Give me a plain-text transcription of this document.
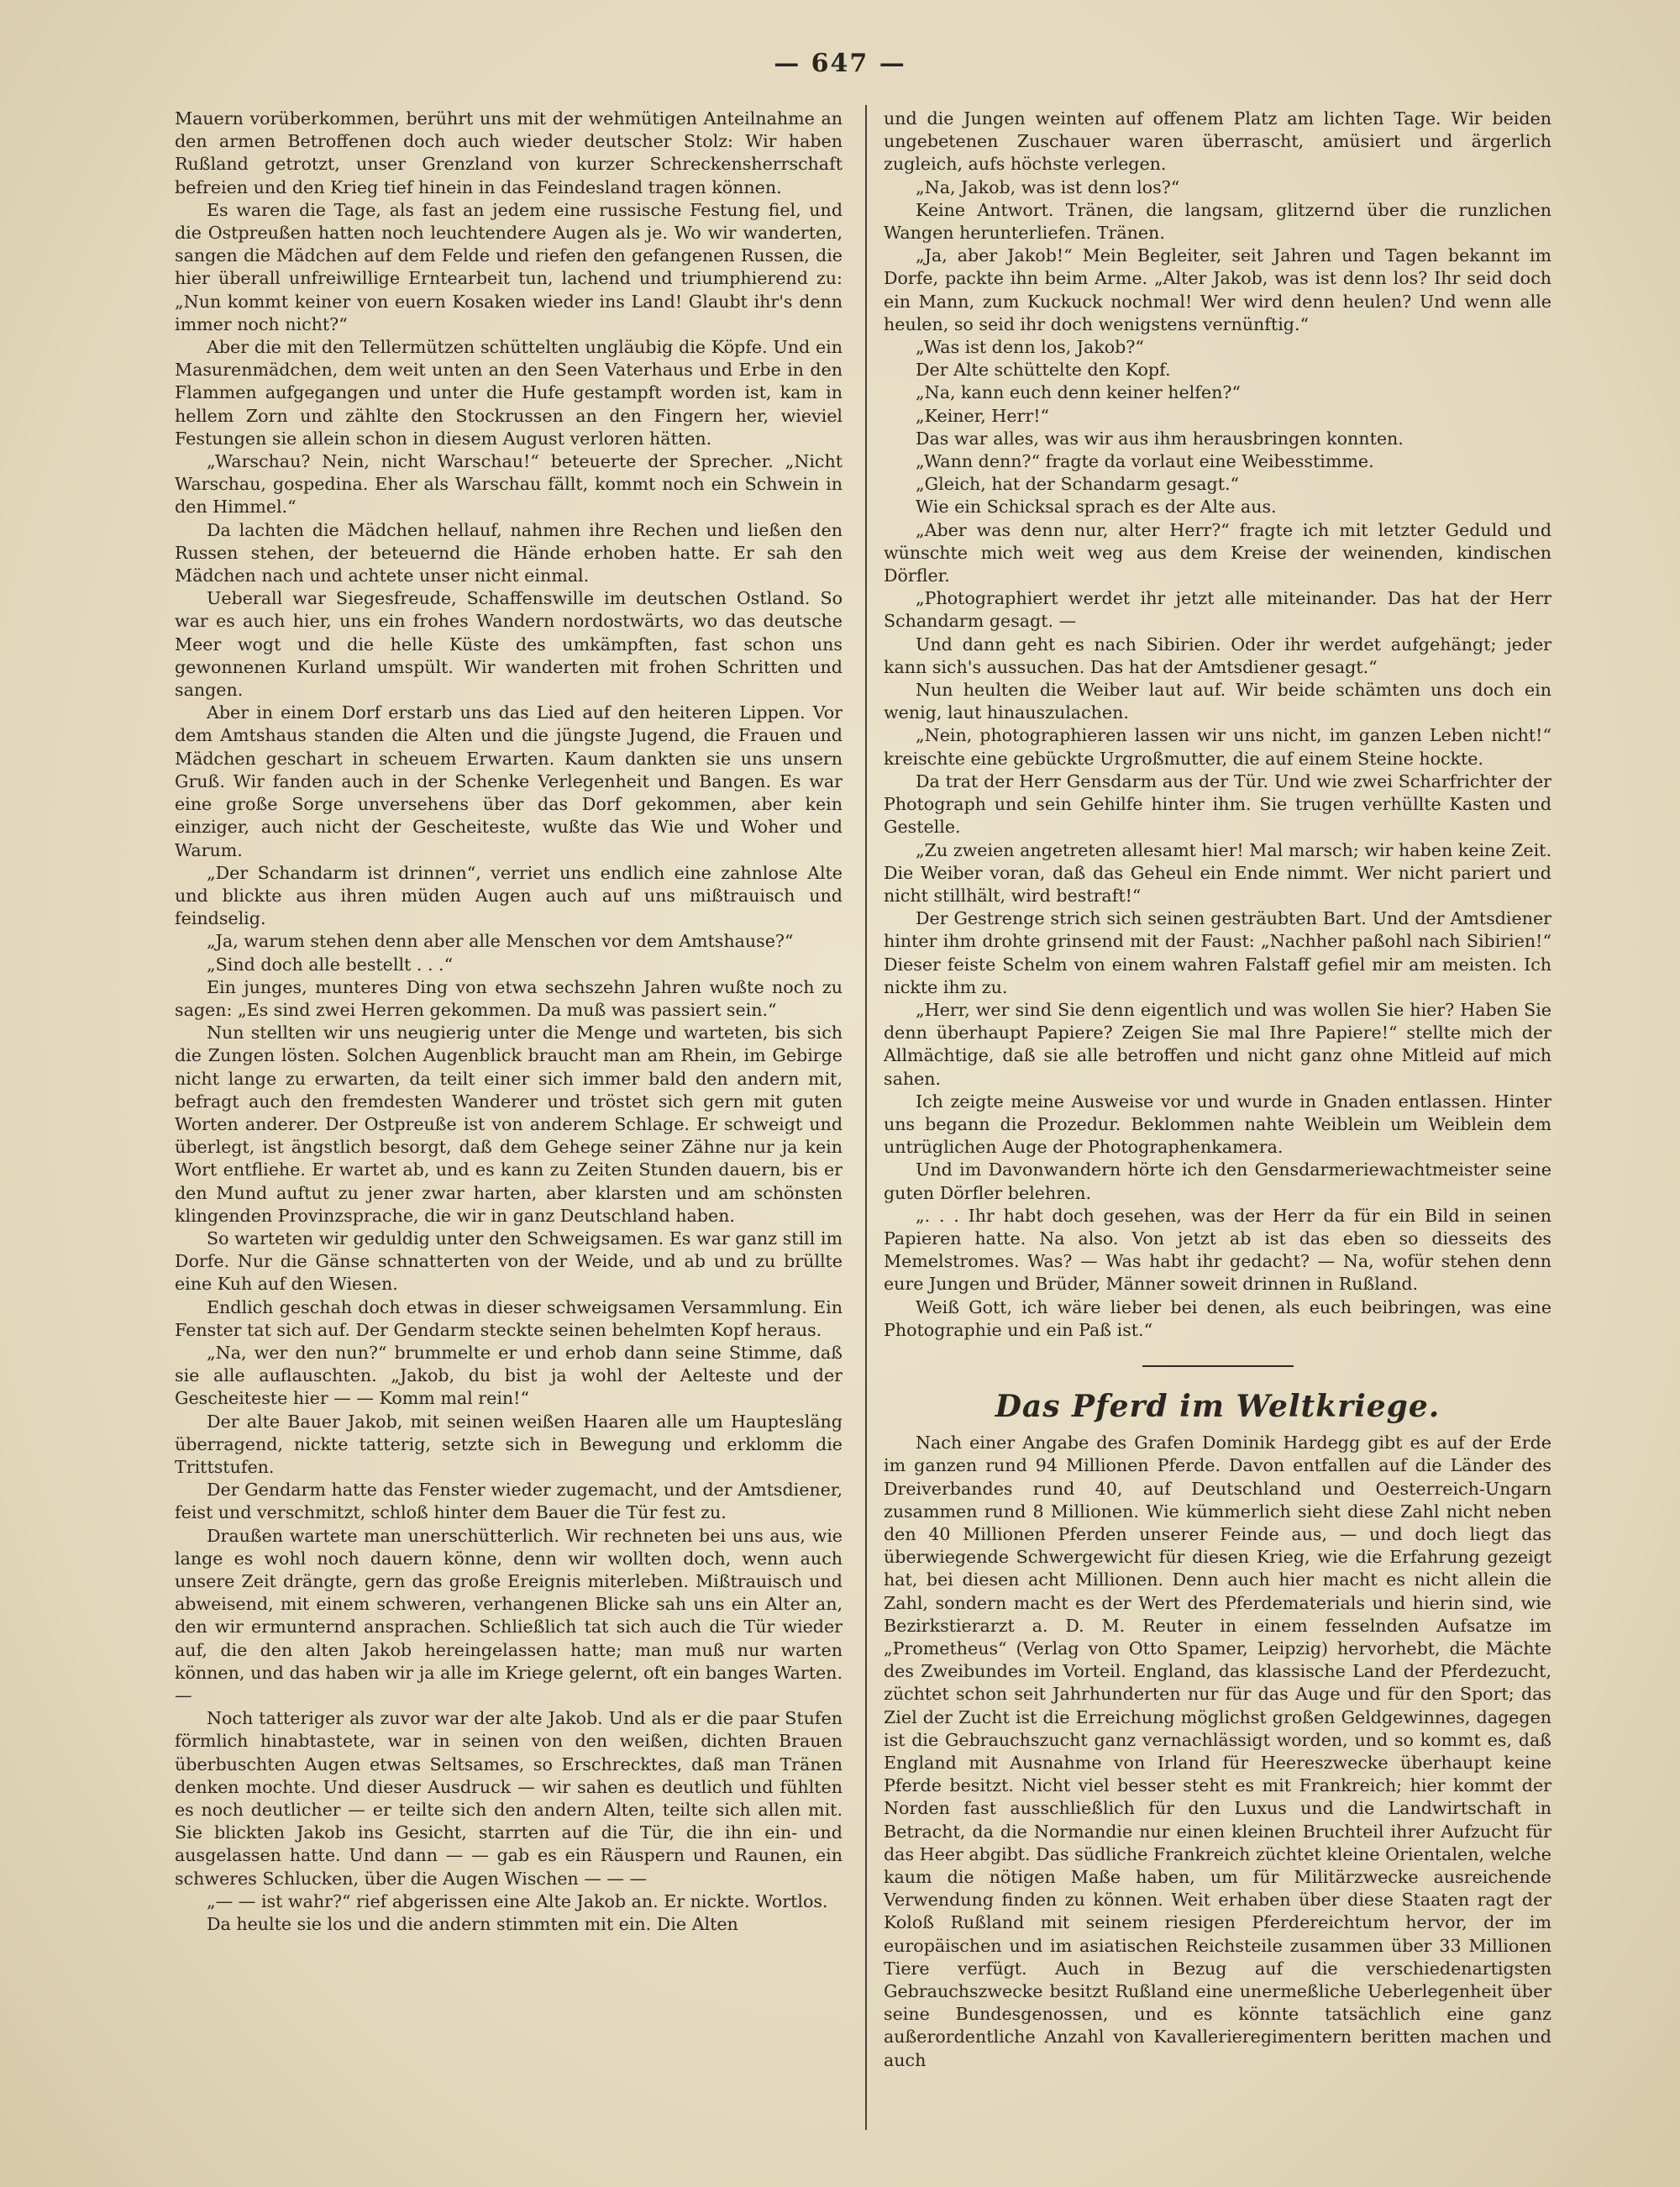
— 647 —

Mauern vorüberkommen, berührt uns mit der wehmütigen Anteilnahme an den armen Betroffenen doch auch wieder deutscher Stolz: Wir haben Rußland getrotzt, unser Grenzland von kurzer Schreckensherrschaft befreien und den Krieg tief hinein in das Feindesland tragen können.

Es waren die Tage, als fast an jedem eine russische Festung fiel, und die Ostpreußen hatten noch leuchtendere Augen als je. Wo wir wanderten, sangen die Mädchen auf dem Felde und riefen den gefangenen Russen, die hier überall unfreiwillige Erntearbeit tun, lachend und triumphierend zu: „Nun kommt keiner von euern Kosaken wieder ins Land! Glaubt ihr's denn immer noch nicht?“

Aber die mit den Tellermützen schüttelten ungläubig die Köpfe. Und ein Masurenmädchen, dem weit unten an den Seen Vaterhaus und Erbe in den Flammen aufgegangen und unter die Hufe gestampft worden ist, kam in hellem Zorn und zählte den Stockrussen an den Fingern her, wieviel Festungen sie allein schon in diesem August verloren hätten.

„Warschau? Nein, nicht Warschau!“ beteuerte der Sprecher. „Nicht Warschau, gospedina. Eher als Warschau fällt, kommt noch ein Schwein in den Himmel.“

Da lachten die Mädchen hellauf, nahmen ihre Rechen und ließen den Russen stehen, der beteuernd die Hände erhoben hatte. Er sah den Mädchen nach und achtete unser nicht einmal.

Ueberall war Siegesfreude, Schaffenswille im deutschen Ostland. So war es auch hier, uns ein frohes Wandern nordostwärts, wo das deutsche Meer wogt und die helle Küste des umkämpften, fast schon uns gewonnenen Kurland umspült. Wir wanderten mit frohen Schritten und sangen.

Aber in einem Dorf erstarb uns das Lied auf den heiteren Lippen. Vor dem Amtshaus standen die Alten und die jüngste Jugend, die Frauen und Mädchen geschart in scheuem Erwarten. Kaum dankten sie uns unsern Gruß. Wir fanden auch in der Schenke Verlegenheit und Bangen. Es war eine große Sorge unversehens über das Dorf gekommen, aber kein einziger, auch nicht der Gescheiteste, wußte das Wie und Woher und Warum.

„Der Schandarm ist drinnen“, verriet uns endlich eine zahnlose Alte und blickte aus ihren müden Augen auch auf uns mißtrauisch und feindselig.

„Ja, warum stehen denn aber alle Menschen vor dem Amtshause?“

„Sind doch alle bestellt . . .“

Ein junges, munteres Ding von etwa sechszehn Jahren wußte noch zu sagen: „Es sind zwei Herren gekommen. Da muß was passiert sein.“

Nun stellten wir uns neugierig unter die Menge und warteten, bis sich die Zungen lösten. Solchen Augenblick braucht man am Rhein, im Gebirge nicht lange zu erwarten, da teilt einer sich immer bald den andern mit, befragt auch den fremdesten Wanderer und tröstet sich gern mit guten Worten anderer. Der Ostpreuße ist von anderem Schlage. Er schweigt und überlegt, ist ängstlich besorgt, daß dem Gehege seiner Zähne nur ja kein Wort entfliehe. Er wartet ab, und es kann zu Zeiten Stunden dauern, bis er den Mund auftut zu jener zwar harten, aber klarsten und am schönsten klingenden Provinzsprache, die wir in ganz Deutschland haben.

So warteten wir geduldig unter den Schweigsamen. Es war ganz still im Dorfe. Nur die Gänse schnatterten von der Weide, und ab und zu brüllte eine Kuh auf den Wiesen.

Endlich geschah doch etwas in dieser schweigsamen Versammlung. Ein Fenster tat sich auf. Der Gendarm steckte seinen behelmten Kopf heraus.

„Na, wer den nun?“ brummelte er und erhob dann seine Stimme, daß sie alle auflauschten. „Jakob, du bist ja wohl der Aelteste und der Gescheiteste hier — — Komm mal rein!“

Der alte Bauer Jakob, mit seinen weißen Haaren alle um Hauptesläng überragend, nickte tatterig, setzte sich in Bewegung und erklomm die Trittstufen.

Der Gendarm hatte das Fenster wieder zugemacht, und der Amtsdiener, feist und verschmitzt, schloß hinter dem Bauer die Tür fest zu.

Draußen wartete man unerschütterlich. Wir rechneten bei uns aus, wie lange es wohl noch dauern könne, denn wir wollten doch, wenn auch unsere Zeit drängte, gern das große Ereignis miterleben. Mißtrauisch und abweisend, mit einem schweren, verhangenen Blicke sah uns ein Alter an, den wir ermunternd ansprachen. Schließlich tat sich auch die Tür wieder auf, die den alten Jakob hereingelassen hatte; man muß nur warten können, und das haben wir ja alle im Kriege gelernt, oft ein banges Warten. —

Noch tatteriger als zuvor war der alte Jakob. Und als er die paar Stufen förmlich hinabtastete, war in seinen von den weißen, dichten Brauen überbuschten Augen etwas Seltsames, so Erschrecktes, daß man Tränen denken mochte. Und dieser Ausdruck — wir sahen es deutlich und fühlten es noch deutlicher — er teilte sich den andern Alten, teilte sich allen mit. Sie blickten Jakob ins Gesicht, starrten auf die Tür, die ihn ein- und ausgelassen hatte. Und dann — — gab es ein Räuspern und Raunen, ein schweres Schlucken, über die Augen Wischen — — —

„— — ist wahr?“ rief abgerissen eine Alte Jakob an. Er nickte. Wortlos.

Da heulte sie los und die andern stimmten mit ein. Die Alten

und die Jungen weinten auf offenem Platz am lichten Tage. Wir beiden ungebetenen Zuschauer waren überrascht, amüsiert und ärgerlich zugleich, aufs höchste verlegen.

„Na, Jakob, was ist denn los?“

Keine Antwort. Tränen, die langsam, glitzernd über die runzlichen Wangen herunterliefen. Tränen.

„Ja, aber Jakob!“ Mein Begleiter, seit Jahren und Tagen bekannt im Dorfe, packte ihn beim Arme. „Alter Jakob, was ist denn los? Ihr seid doch ein Mann, zum Kuckuck nochmal! Wer wird denn heulen? Und wenn alle heulen, so seid ihr doch wenigstens vernünftig.“

„Was ist denn los, Jakob?“

Der Alte schüttelte den Kopf.

„Na, kann euch denn keiner helfen?“

„Keiner, Herr!“

Das war alles, was wir aus ihm herausbringen konnten.

„Wann denn?“ fragte da vorlaut eine Weibesstimme.

„Gleich, hat der Schandarm gesagt.“

Wie ein Schicksal sprach es der Alte aus.

„Aber was denn nur, alter Herr?“ fragte ich mit letzter Geduld und wünschte mich weit weg aus dem Kreise der weinenden, kindischen Dörfler.

„Photographiert werdet ihr jetzt alle miteinander. Das hat der Herr Schandarm gesagt. —

Und dann geht es nach Sibirien. Oder ihr werdet aufgehängt; jeder kann sich's aussuchen. Das hat der Amtsdiener gesagt.“

Nun heulten die Weiber laut auf. Wir beide schämten uns doch ein wenig, laut hinauszulachen.

„Nein, photographieren lassen wir uns nicht, im ganzen Leben nicht!“ kreischte eine gebückte Urgroßmutter, die auf einem Steine hockte.

Da trat der Herr Gensdarm aus der Tür. Und wie zwei Scharfrichter der Photograph und sein Gehilfe hinter ihm. Sie trugen verhüllte Kasten und Gestelle.

„Zu zweien angetreten allesamt hier! Mal marsch; wir haben keine Zeit. Die Weiber voran, daß das Geheul ein Ende nimmt. Wer nicht pariert und nicht stillhält, wird bestraft!“

Der Gestrenge strich sich seinen gesträubten Bart. Und der Amtsdiener hinter ihm drohte grinsend mit der Faust: „Nachher paßohl nach Sibirien!“ Dieser feiste Schelm von einem wahren Falstaff gefiel mir am meisten. Ich nickte ihm zu.

„Herr, wer sind Sie denn eigentlich und was wollen Sie hier? Haben Sie denn überhaupt Papiere? Zeigen Sie mal Ihre Papiere!“ stellte mich der Allmächtige, daß sie alle betroffen und nicht ganz ohne Mitleid auf mich sahen.

Ich zeigte meine Ausweise vor und wurde in Gnaden entlassen. Hinter uns begann die Prozedur. Beklommen nahte Weiblein um Weiblein dem untrüglichen Auge der Photographenkamera.

Und im Davonwandern hörte ich den Gensdarmeriewachtmeister seine guten Dörfler belehren.

„. . . Ihr habt doch gesehen, was der Herr da für ein Bild in seinen Papieren hatte. Na also. Von jetzt ab ist das eben so diesseits des Memelstromes. Was? — Was habt ihr gedacht? — Na, wofür stehen denn eure Jungen und Brüder, Männer soweit drinnen in Rußland.

Weiß Gott, ich wäre lieber bei denen, als euch beibringen, was eine Photographie und ein Paß ist.“

Das Pferd im Weltkriege.

Nach einer Angabe des Grafen Dominik Hardegg gibt es auf der Erde im ganzen rund 94 Millionen Pferde. Davon entfallen auf die Länder des Dreiverbandes rund 40, auf Deutschland und Oesterreich-Ungarn zusammen rund 8 Millionen. Wie kümmerlich sieht diese Zahl nicht neben den 40 Millionen Pferden unserer Feinde aus, — und doch liegt das überwiegende Schwergewicht für diesen Krieg, wie die Erfahrung gezeigt hat, bei diesen acht Millionen. Denn auch hier macht es nicht allein die Zahl, sondern macht es der Wert des Pferdematerials und hierin sind, wie Bezirkstierarzt a. D. M. Reuter in einem fesselnden Aufsatze im „Prometheus“ (Verlag von Otto Spamer, Leipzig) hervorhebt, die Mächte des Zweibundes im Vorteil. England, das klassische Land der Pferdezucht, züchtet schon seit Jahrhunderten nur für das Auge und für den Sport; das Ziel der Zucht ist die Erreichung möglichst großen Geldgewinnes, dagegen ist die Gebrauchszucht ganz vernachlässigt worden, und so kommt es, daß England mit Ausnahme von Irland für Heereszwecke überhaupt keine Pferde besitzt. Nicht viel besser steht es mit Frankreich; hier kommt der Norden fast ausschließlich für den Luxus und die Landwirtschaft in Betracht, da die Normandie nur einen kleinen Bruchteil ihrer Aufzucht für das Heer abgibt. Das südliche Frankreich züchtet kleine Orientalen, welche kaum die nötigen Maße haben, um für Militärzwecke ausreichende Verwendung finden zu können. Weit erhaben über diese Staaten ragt der Koloß Rußland mit seinem riesigen Pferdereichtum hervor, der im europäischen und im asiatischen Reichsteile zusammen über 33 Millionen Tiere verfügt. Auch in Bezug auf die verschiedenartigsten Gebrauchszwecke besitzt Rußland eine unermeßliche Ueberlegenheit über seine Bundesgenossen, und es könnte tatsächlich eine ganz außerordentliche Anzahl von Kavallerieregimentern beritten machen und auch
